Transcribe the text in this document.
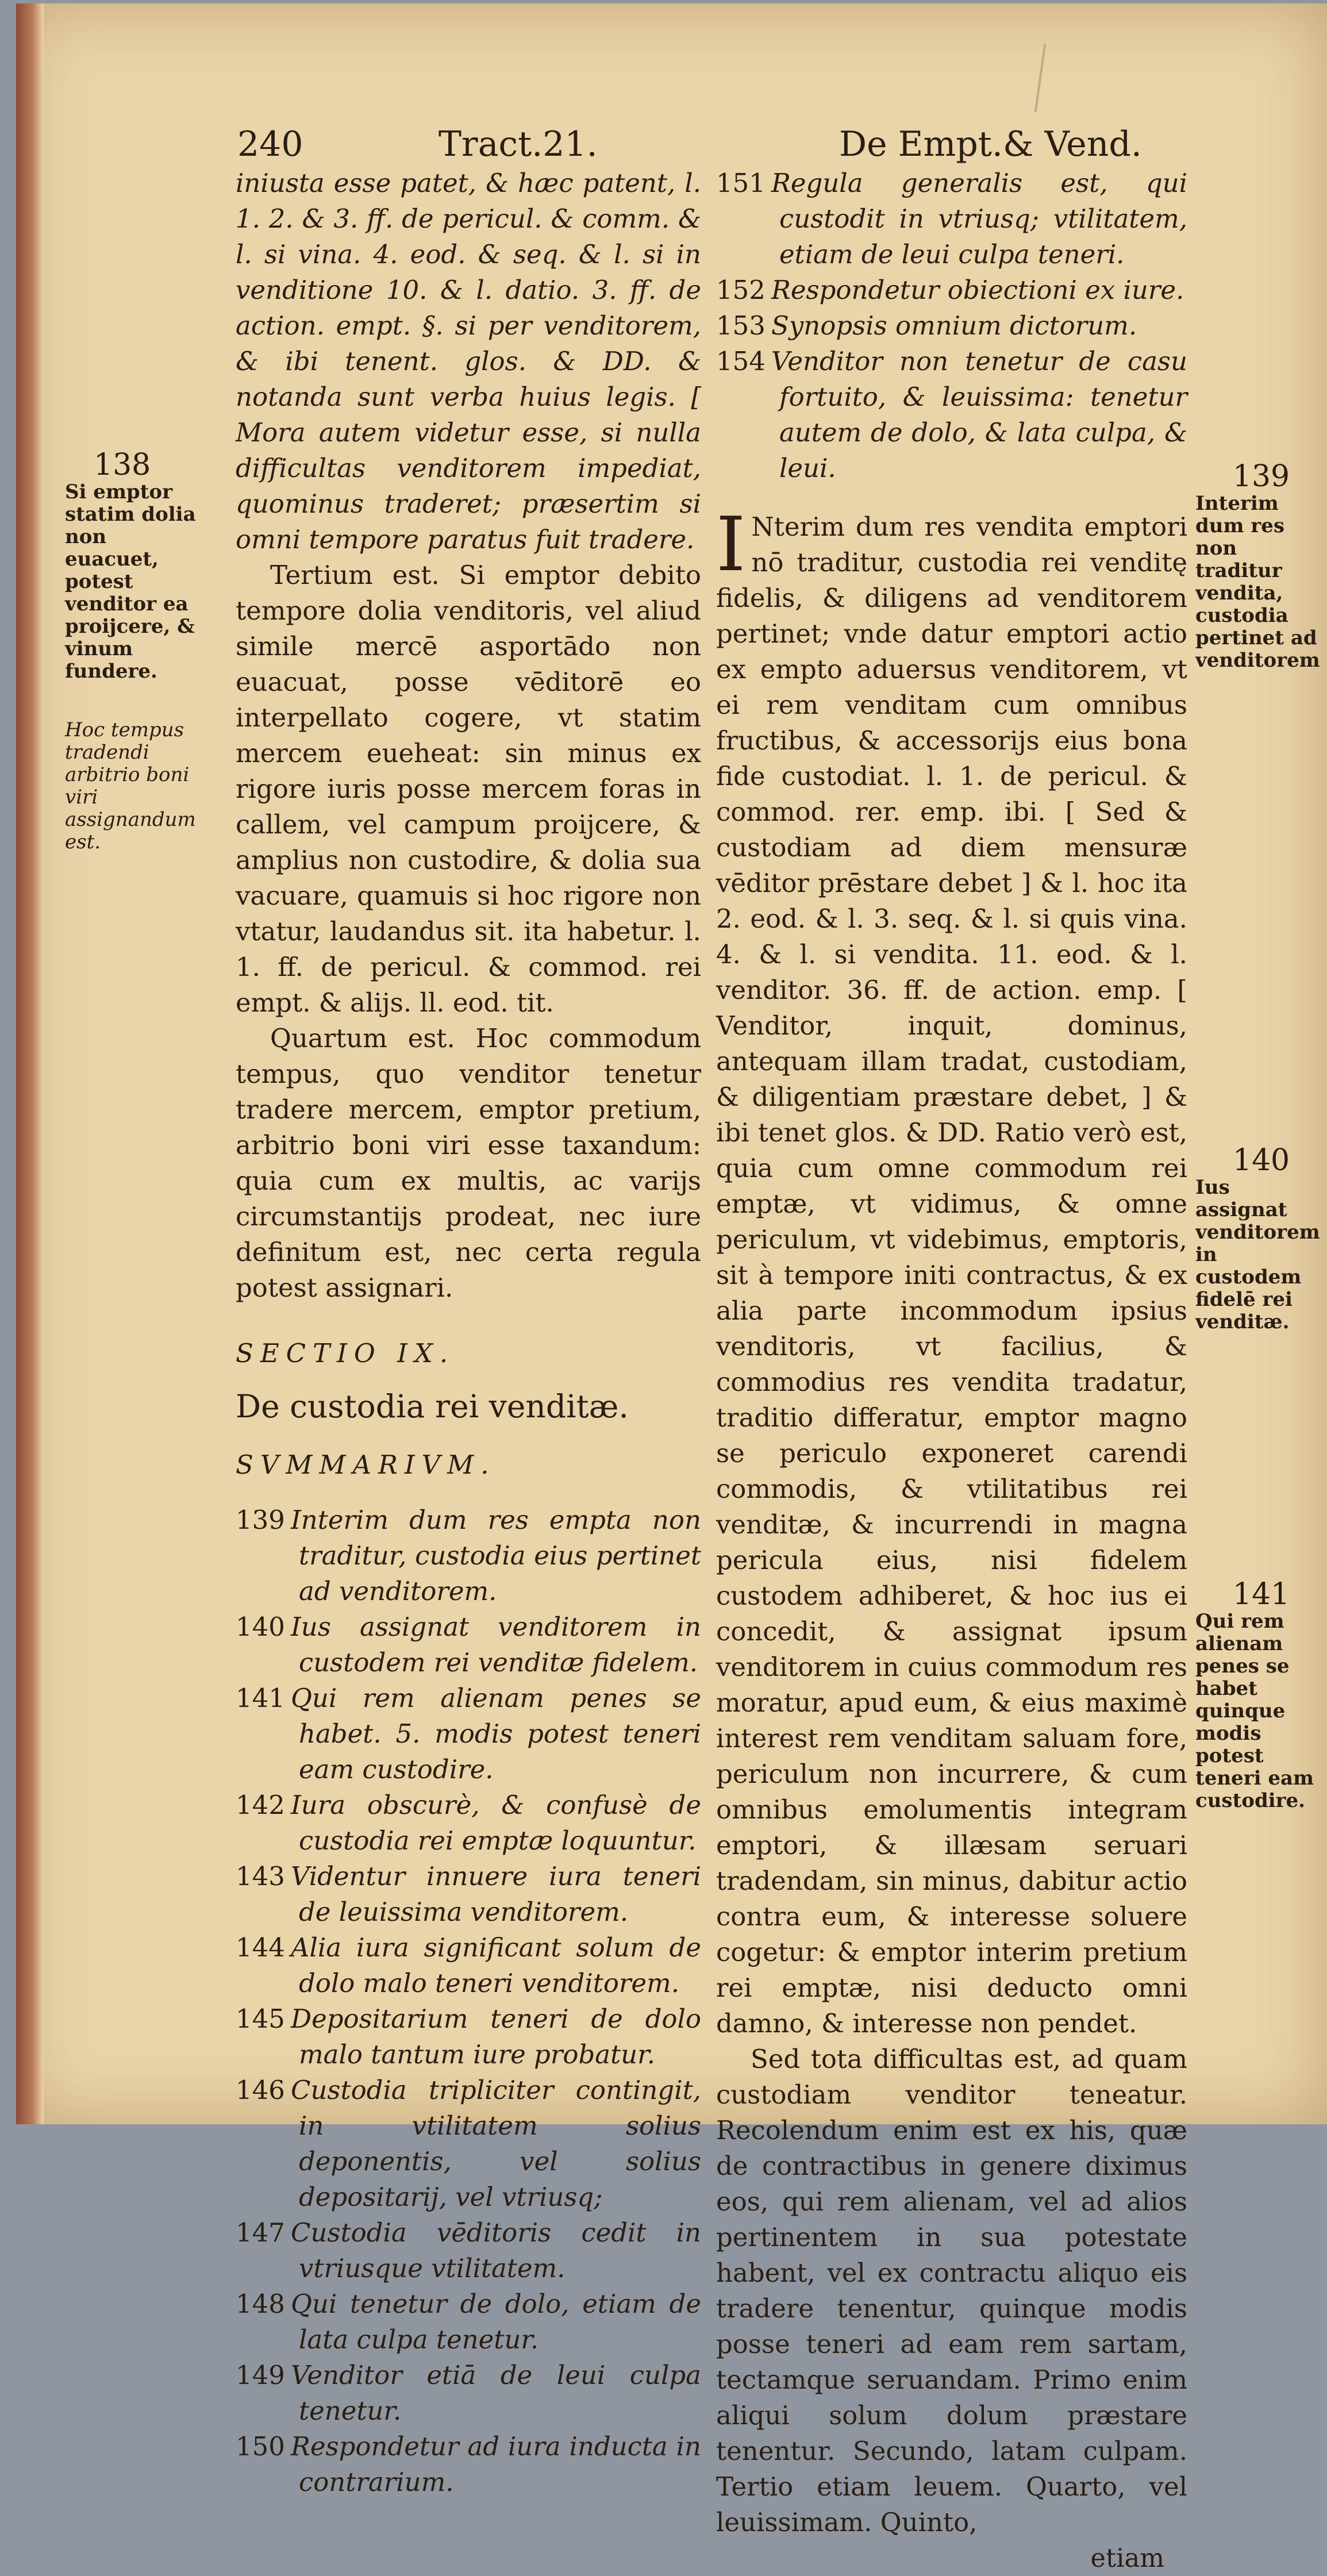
240	Tract.21.	De Empt.& Vend.

iniusta esse patet, & hæc patent, l. 1. 2. & 3. ff. de pericul. & comm. & l. si vina. 4. eod. & seq. & l. si in venditione 10. & l. datio. 3. ff. de action. empt. §. si per venditorem, & ibi tenent. glos. & DD. & notanda sunt verba huius legis. [ Mora autem videtur esse, si nulla difficultas venditorem impediat, quominus traderet; præsertim si omni tempore paratus fuit tradere.

Tertium est. Si emptor debito tempore dolia venditoris, vel aliud simile mercē asportādo non euacuat, posse vēditorē eo interpellato cogere, vt statim mercem eueheat: sin minus ex rigore iuris posse mercem foras in callem, vel campum proijcere, & amplius non custodire, & dolia sua vacuare, quamuis si hoc rigore non vtatur, laudandus sit. ita habetur. l. 1. ff. de pericul. & commod. rei empt. & alijs. ll. eod. tit.

Quartum est. Hoc commodum tempus, quo venditor tenetur tradere mercem, emptor pretium, arbitrio boni viri esse taxandum: quia cum ex multis, ac varijs circumstantijs prodeat, nec iure definitum est, nec certa regula potest assignari.

SECTIO IX.

De custodia rei venditæ.

SVMMARIVM.

139 Interim dum res empta non traditur, custodia eius pertinet ad venditorem.

140 Ius assignat venditorem in custodem rei venditæ fidelem.

141 Qui rem alienam penes se habet. 5. modis potest teneri eam custodire.

142 Iura obscurè, & confusè de custodia rei emptæ loquuntur.

143 Videntur innuere iura teneri de leuissima venditorem.

144 Alia iura significant solum de dolo malo teneri venditorem.

145 Depositarium teneri de dolo malo tantum iure probatur.

146 Custodia tripliciter contingit, in vtilitatem solius deponentis, vel solius depositarij, vel vtriusq;

147 Custodia vēditoris cedit in vtriusque vtilitatem.

148 Qui tenetur de dolo, etiam de lata culpa tenetur.

149 Venditor etiā de leui culpa tenetur.

150 Respondetur ad iura inducta in contrarium.

151 Regula generalis est, qui custodit in vtriusq; vtilitatem, etiam de leui culpa teneri.

152 Respondetur obiectioni ex iure.

153 Synopsis omnium dictorum.

154 Venditor non tenetur de casu fortuito, & leuissima: tenetur autem de dolo, & lata culpa, & leui.

I Nterim dum res vendita emptori nō traditur, custodia rei venditę fidelis, & diligens ad venditorem pertinet; vnde datur emptori actio ex empto aduersus venditorem, vt ei rem venditam cum omnibus fructibus, & accessorijs eius bona fide custodiat. l. 1. de pericul. & commod. rer. emp. ibi. [ Sed & custodiam ad diem mensuræ vēditor prēstare debet ] & l. hoc ita 2. eod. & l. 3. seq. & l. si quis vina. 4. & l. si vendita. 11. eod. & l. venditor. 36. ff. de action. emp. [ Venditor, inquit, dominus, antequam illam tradat, custodiam, & diligentiam præstare debet, ] & ibi tenet glos. & DD. Ratio verò est, quia cum omne commodum rei emptæ, vt vidimus, & omne periculum, vt videbimus, emptoris, sit à tempore initi contractus, & ex alia parte incommodum ipsius venditoris, vt facilius, & commodius res vendita tradatur, traditio differatur, emptor magno se periculo exponeret carendi commodis, & vtilitatibus rei venditæ, & incurrendi in magna pericula eius, nisi fidelem custodem adhiberet, & hoc ius ei concedit, & assignat ipsum venditorem in cuius commodum res moratur, apud eum, & eius maximè interest rem venditam saluam fore, periculum non incurrere, & cum omnibus emolumentis integram emptori, & illæsam seruari tradendam, sin minus, dabitur actio contra eum, & interesse soluere cogetur: & emptor interim pretium rei emptæ, nisi deducto omni damno, & interesse non pendet.

Sed tota difficultas est, ad quam custodiam venditor teneatur. Recolendum enim est ex his, quæ de contractibus in genere diximus eos, qui rem alienam, vel ad alios pertinentem in sua potestate habent, vel ex contractu aliquo eis tradere tenentur, quinque modis posse teneri ad eam rem sartam, tectamque seruandam. Primo enim aliqui solum dolum præstare tenentur. Secundo, latam culpam. Tertio etiam leuem. Quarto, vel leuissimam. Quinto,

etiam

138
Si emptor statim dolia non euacuet, potest venditor ea proijcere, & vinum fundere.
Hoc tempus tradendi arbitrio boni viri assignandum est.
139
Interim dum res non traditur vendita, custodia pertinet ad venditorem
140
Ius assignat venditorem in custodem fidelē rei venditæ.
141
Qui rem alienam penes se habet quinque modis potest teneri eam custodire.
